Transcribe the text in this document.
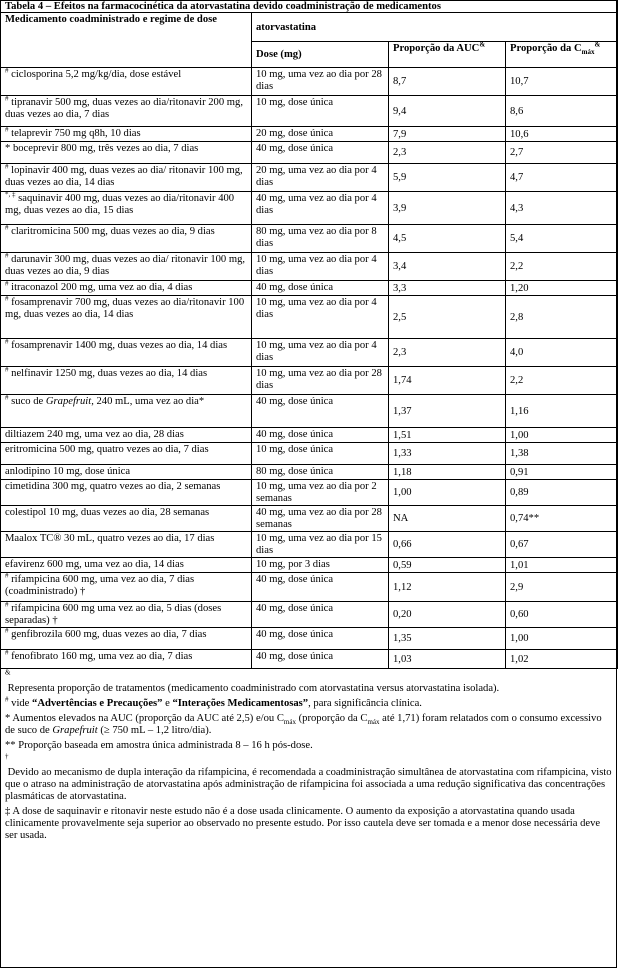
Tabela 4 – Efeitos na farmacocinética da atorvastatina devido coadministração de medicamentos			
Medicamento coadministrado e regime de dose	atorvastatina		
	Dose (mg)	Proporção da AUC&	Proporção da $C_{máx}^{\&}$
# ciclosporina 5,2 mg/kg/dia, dose estável	10 mg, uma vez ao dia por 28 dias	8,7	10,7
# tipranavir 500 mg, duas vezes ao dia/ritonavir 200 mg, duas vezes ao dia, 7 dias	10 mg, dose única	9,4	8,6
# telaprevir 750 mg q8h, 10 dias	20 mg, dose única	7,9	10,6
* boceprevir 800 mg, três vezes ao dia, 7 dias	40 mg, dose única	2,3	2,7
# lopinavir 400 mg, duas vezes ao dia/ ritonavir 100 mg, duas vezes ao dia, 14 dias	20 mg, uma vez ao dia por 4 dias	5,9	4,7
*, ‡ saquinavir 400 mg, duas vezes ao dia/ritonavir 400 mg, duas vezes ao dia, 15 dias	40 mg, uma vez ao dia por 4 dias	3,9	4,3
# claritromicina 500 mg, duas vezes ao dia, 9 dias	80 mg, uma vez ao dia por 8 dias	4,5	5,4
# darunavir 300 mg, duas vezes ao dia/ ritonavir 100 mg, duas vezes ao dia, 9 dias	10 mg, uma vez ao dia por 4 dias	3,4	2,2
# itraconazol 200 mg, uma vez ao dia, 4 dias	40 mg, dose única	3,3	1,20
# fosamprenavir 700 mg, duas vezes ao dia/ritonavir 100 mg, duas vezes ao dia, 14 dias	10 mg, uma vez ao dia por 4 dias	2,5	2,8
# fosamprenavir 1400 mg, duas vezes ao dia, 14 dias	10 mg, uma vez ao dia por 4 dias	2,3	4,0
# nelfinavir 1250 mg, duas vezes ao dia, 14 dias	10 mg, uma vez ao dia por 28 dias	1,74	2,2
# suco de Grapefruit, 240 mL, uma vez ao dia*	40 mg, dose única	1,37	1,16
diltiazem 240 mg, uma vez ao dia, 28 dias	40 mg, dose única	1,51	1,00
eritromicina 500 mg, quatro vezes ao dia, 7 dias	10 mg, dose única	1,33	1,38
anlodipino 10 mg, dose única	80 mg, dose única	1,18	0,91
cimetidina 300 mg, quatro vezes ao dia, 2 semanas	10 mg, uma vez ao dia por 2 semanas	1,00	0,89
colestipol 10 mg, duas vezes ao dia, 28 semanas	40 mg, uma vez ao dia por 28 semanas	NA	0,74**
Maalox TC® 30 mL, quatro vezes ao dia, 17 dias	10 mg, uma vez ao dia por 15 dias	0,66	0,67
efavirenz 600 mg, uma vez ao dia, 14 dias	10 mg, por 3 dias	0,59	1,01
# rifampicina 600 mg, uma vez ao dia, 7 dias (coadministrado) †	40 mg, dose única	1,12	2,9
# rifampicina 600 mg uma vez ao dia, 5 dias (doses separadas) †	40 mg, dose única	0,20	0,60
# genfibrozila 600 mg, duas vezes ao dia, 7 dias	40 mg, dose única	1,35	1,00
# fenofibrato 160 mg, uma vez ao dia, 7 dias	40 mg, dose única	1,03	1,02

&
Representa proporção de tratamentos (medicamento coadministrado com atorvastatina versus atorvastatina isolada).

# vide “Advertências e Precauções” e “Interações Medicamentosas”, para significância clínica.

* Aumentos elevados na AUC (proporção da AUC até 2,5) e/ou $C_{máx}$ (proporção da $C_{máx}$ até 1,71) foram relatados com o consumo excessivo de suco de Grapefruit (≥ 750 mL – 1,2 litro/dia).

** Proporção baseada em amostra única administrada 8 – 16 h pós-dose.

†
Devido ao mecanismo de dupla interação da rifampicina, é recomendada a coadministração simultânea de atorvastatina com rifampicina, visto que o atraso na administração de atorvastatina após administração de rifampicina foi associada a uma redução significativa das concentrações plasmáticas de atorvastatina.

‡ A dose de saquinavir e ritonavir neste estudo não é a dose usada clinicamente. O aumento da exposição a atorvastatina quando usada clinicamente provavelmente seja superior ao observado no presente estudo. Por isso cautela deve ser tomada e a menor dose necessária deve ser usada.
